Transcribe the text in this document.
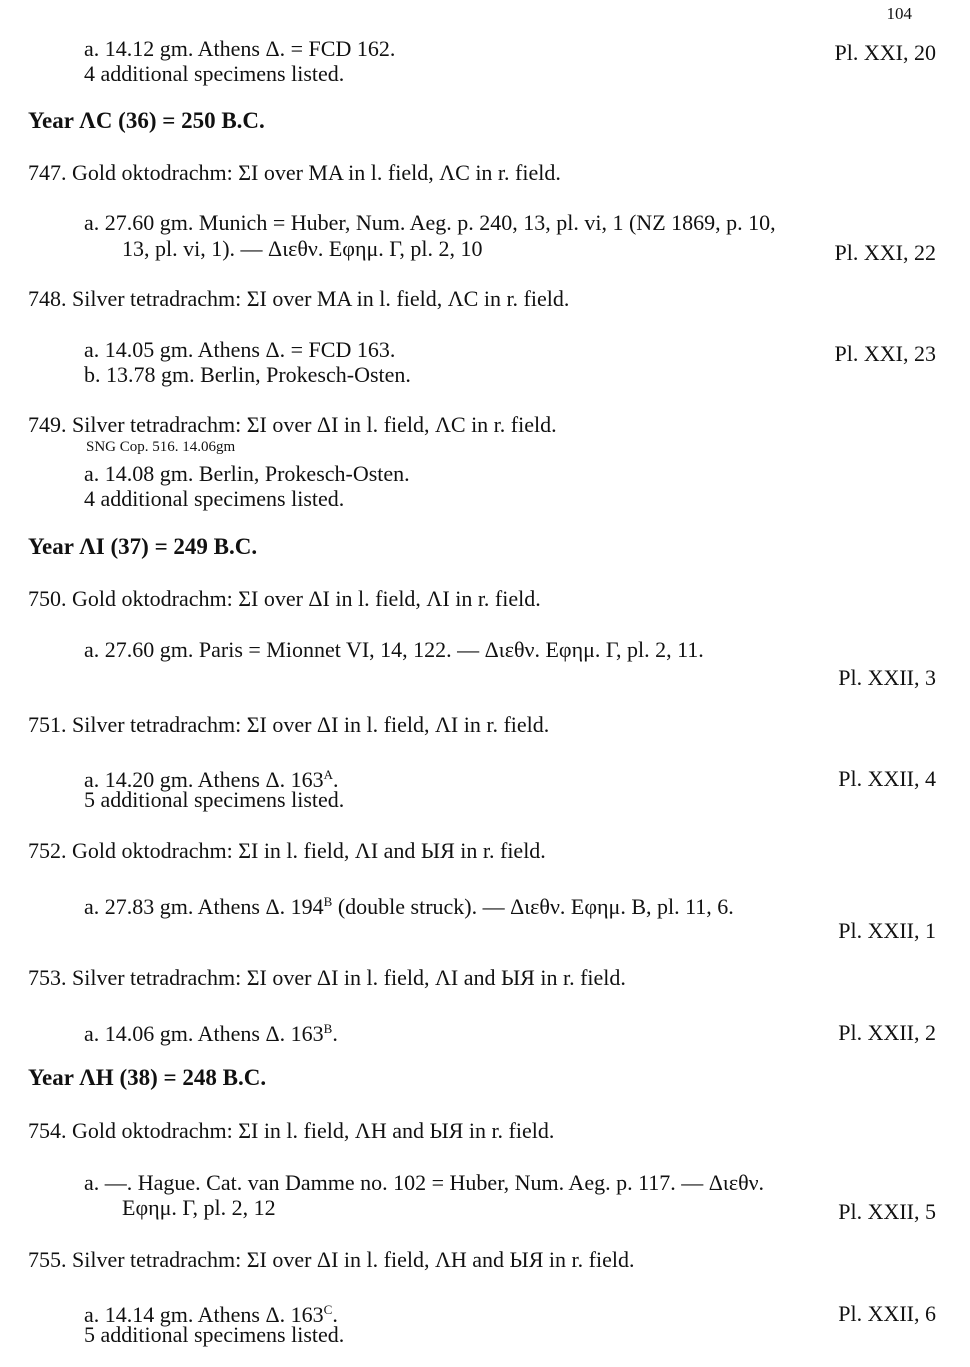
104
a. 14.12 gm. Athens Δ. = FCD 162.	Pl. XXI, 20
4 additional specimens listed.
Year ΛϹ (36) = 250 B.C.
747. Gold oktodrachm: ΣΙ over ΜΑ in l. field, ΛϹ in r. field.
a. 27.60 gm. Munich = Huber, Num. Aeg. p. 240, 13, pl. vi, 1 (NZ 1869, p. 10,
13, pl. vi, 1). — Διεθν. Εφημ. Γ, pl. 2, 10	Pl. XXI, 22
748. Silver tetradrachm: ΣΙ over ΜΑ in l. field, ΛϹ in r. field.
a. 14.05 gm. Athens Δ. = FCD 163.	Pl. XXI, 23
b. 13.78 gm. Berlin, Prokesch-Osten.
749. Silver tetradrachm: ΣΙ over ΔΙ in l. field, ΛϹ in r. field.
SNG Cop. 516. 14.06gm
a. 14.08 gm. Berlin, Prokesch-Osten.
4 additional specimens listed.
Year ΛΙ (37) = 249 B.C.
750. Gold oktodrachm: ΣΙ over ΔΙ in l. field, ΛΙ in r. field.
a. 27.60 gm. Paris = Mionnet VI, 14, 122. — Διεθν. Εφημ. Γ, pl. 2, 11.
Pl. XXII, 3
751. Silver tetradrachm: ΣΙ over ΔΙ in l. field, ΛΙ in r. field.
a. 14.20 gm. Athens Δ. $163^A$.	Pl. XXII, 4
5 additional specimens listed.
752. Gold oktodrachm: ΣΙ in l. field, ΛΙ and ЫЯ in r. field.
a. 27.83 gm. Athens Δ. $194^B$ (double struck). — Διεθν. Εφημ. B, pl. 11, 6.
Pl. XXII, 1
753. Silver tetradrachm: ΣΙ over ΔΙ in l. field, ΛΙ and ЫЯ in r. field.
a. 14.06 gm. Athens Δ. $163^B$.	Pl. XXII, 2
Year ΛΗ (38) = 248 B.C.
754. Gold oktodrachm: ΣΙ in l. field, ΛΗ and ЫЯ in r. field.
a. —. Hague. Cat. van Damme no. 102 = Huber, Num. Aeg. p. 117. — Διεθν.
Εφημ. Γ, pl. 2, 12	Pl. XXII, 5
755. Silver tetradrachm: ΣΙ over ΔΙ in l. field, ΛΗ and ЫЯ in r. field.
a. 14.14 gm. Athens Δ. $163^C$.	Pl. XXII, 6
5 additional specimens listed.
